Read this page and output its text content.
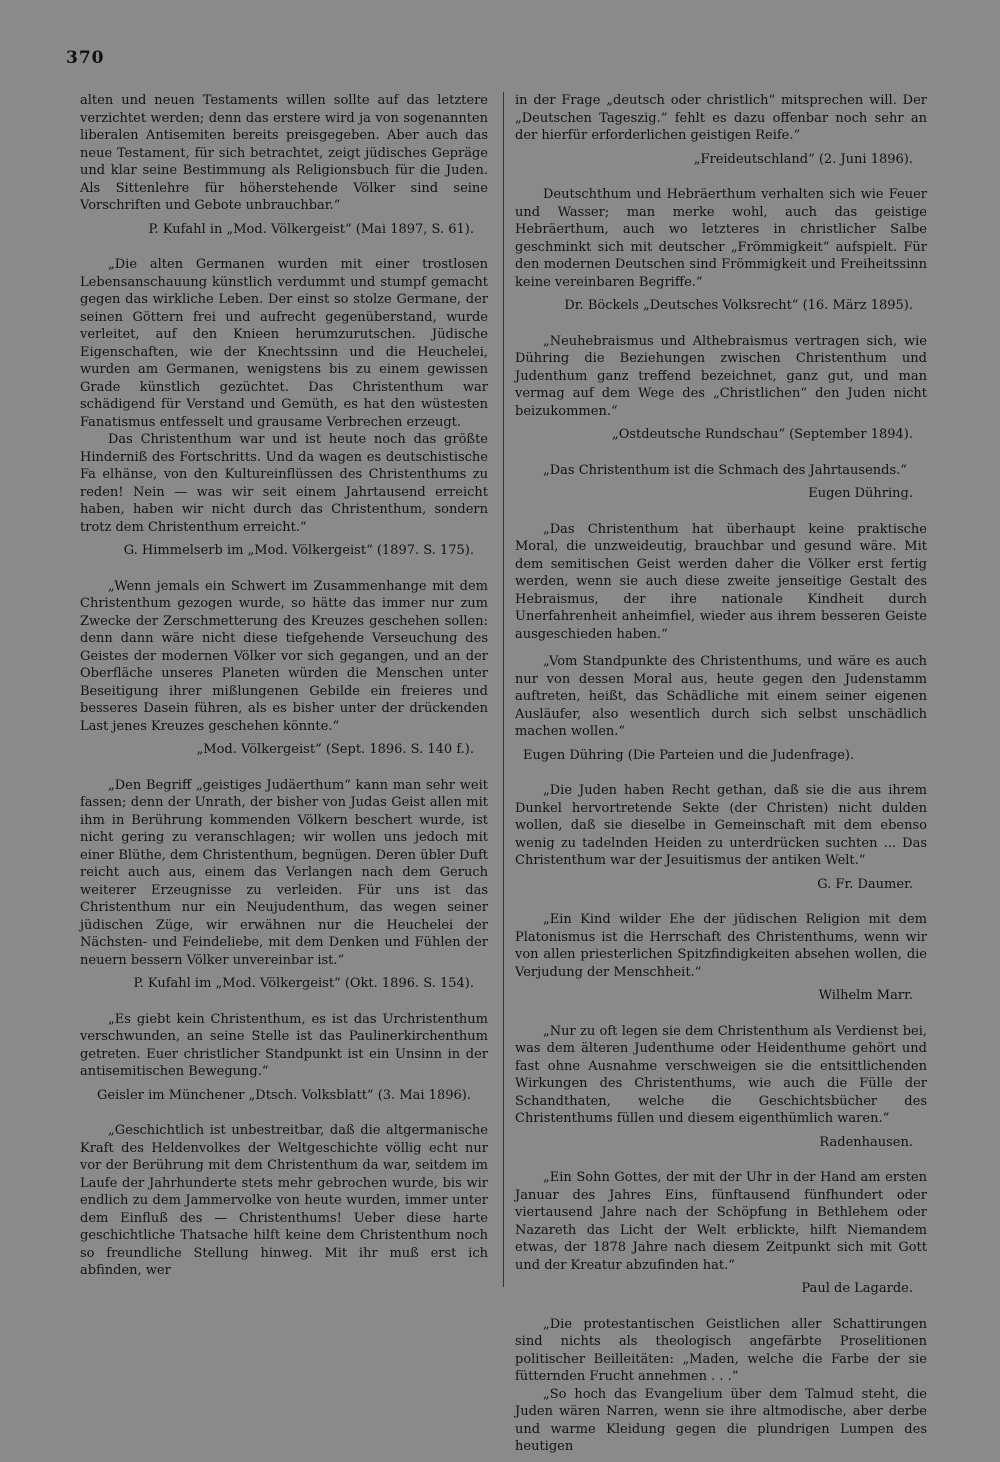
370

alten und neuen Testaments willen sollte auf das letztere verzichtet werden; denn das erstere wird ja von sogenannten liberalen Antisemiten bereits preisgegeben. Aber auch das neue Testament, für sich betrachtet, zeigt jüdisches Gepräge und klar seine Bestimmung als Religionsbuch für die Juden. Als Sittenlehre für höherstehende Völker sind seine Vorschriften und Gebote unbrauchbar.“

P. Kufahl in „Mod. Völkergeist“ (Mai 1897, S. 61).

„Die alten Germanen wurden mit einer trostlosen Lebensanschauung künstlich verdummt und stumpf gemacht gegen das wirkliche Leben. Der einst so stolze Germane, der seinen Göttern frei und aufrecht gegenüberstand, wurde verleitet, auf den Knieen herumzurutschen. Jüdische Eigenschaften, wie der Knechtssinn und die Heuchelei, wurden am Germanen, wenigstens bis zu einem gewissen Grade künstlich gezüchtet. Das Christenthum war schädigend für Verstand und Gemüth, es hat den wüstesten Fanatismus entfesselt und grausame Verbrechen erzeugt.

Das Christenthum war und ist heute noch das größte Hinderniß des Fortschritts. Und da wagen es deutschistische Fa elhänse, von den Kultureinflüssen des Christenthums zu reden! Nein — was wir seit einem Jahrtausend erreicht haben, haben wir nicht durch das Christenthum, sondern trotz dem Christenthum erreicht.“

G. Himmelserb im „Mod. Völkergeist“ (1897. S. 175).

„Wenn jemals ein Schwert im Zusammenhange mit dem Christenthum gezogen wurde, so hätte das immer nur zum Zwecke der Zerschmetterung des Kreuzes geschehen sollen: denn dann wäre nicht diese tiefgehende Verseuchung des Geistes der modernen Völker vor sich gegangen, und an der Oberfläche unseres Planeten würden die Menschen unter Beseitigung ihrer mißlungenen Gebilde ein freieres und besseres Dasein führen, als es bisher unter der drückenden Last jenes Kreuzes geschehen könnte.“

„Mod. Völkergeist“ (Sept. 1896. S. 140 f.).

„Den Begriff „geistiges Judäerthum“ kann man sehr weit fassen; denn der Unrath, der bisher von Judas Geist allen mit ihm in Berührung kommenden Völkern beschert wurde, ist nicht gering zu veranschlagen; wir wollen uns jedoch mit einer Blüthe, dem Christenthum, begnügen. Deren übler Duft reicht auch aus, einem das Verlangen nach dem Geruch weiterer Erzeugnisse zu verleiden. Für uns ist das Christenthum nur ein Neujudenthum, das wegen seiner jüdischen Züge, wir erwähnen nur die Heuchelei der Nächsten- und Feindeliebe, mit dem Denken und Fühlen der neuern bessern Völker unvereinbar ist.“

P. Kufahl im „Mod. Völkergeist“ (Okt. 1896. S. 154).

„Es giebt kein Christenthum, es ist das Urchristenthum verschwunden, an seine Stelle ist das Paulinerkirchenthum getreten. Euer christlicher Standpunkt ist ein Unsinn in der antisemitischen Bewegung.“

Geisler im Münchener „Dtsch. Volksblatt“ (3. Mai 1896).

„Geschichtlich ist unbestreitbar, daß die altgermanische Kraft des Heldenvolkes der Weltgeschichte völlig echt nur vor der Berührung mit dem Christenthum da war, seitdem im Laufe der Jahrhunderte stets mehr gebrochen wurde, bis wir endlich zu dem Jammervolke von heute wurden, immer unter dem Einfluß des — Christenthums! Ueber diese harte geschichtliche Thatsache hilft keine dem Christenthum noch so freundliche Stellung hinweg. Mit ihr muß erst ich abfinden, wer

in der Frage „deutsch oder christlich“ mitsprechen will. Der „Deutschen Tageszig.“ fehlt es dazu offenbar noch sehr an der hierfür erforderlichen geistigen Reife.“

„Freideutschland“ (2. Juni 1896).

Deutschthum und Hebräerthum verhalten sich wie Feuer und Wasser; man merke wohl, auch das geistige Hebräerthum, auch wo letzteres in christlicher Salbe geschminkt sich mit deutscher „Frömmigkeit“ aufspielt. Für den modernen Deutschen sind Frömmigkeit und Freiheitssinn keine vereinbaren Begriffe.“

Dr. Böckels „Deutsches Volksrecht“ (16. März 1895).

„Neuhebraismus und Althebraismus vertragen sich, wie Dühring die Beziehungen zwischen Christenthum und Judenthum ganz treffend bezeichnet, ganz gut, und man vermag auf dem Wege des „Christlichen“ den Juden nicht beizukommen.“

„Ostdeutsche Rundschau“ (September 1894).

„Das Christenthum ist die Schmach des Jahrtausends.“

Eugen Dühring.

„Das Christenthum hat überhaupt keine praktische Moral, die unzweideutig, brauchbar und gesund wäre. Mit dem semitischen Geist werden daher die Völker erst fertig werden, wenn sie auch diese zweite jenseitige Gestalt des Hebraismus, der ihre nationale Kindheit durch Unerfahrenheit anheimfiel, wieder aus ihrem besseren Geiste ausgeschieden haben.“

„Vom Standpunkte des Christenthums, und wäre es auch nur von dessen Moral aus, heute gegen den Judenstamm auftreten, heißt, das Schädliche mit einem seiner eigenen Ausläufer, also wesentlich durch sich selbst unschädlich machen wollen.“

Eugen Dühring (Die Parteien und die Judenfrage).

„Die Juden haben Recht gethan, daß sie die aus ihrem Dunkel hervortretende Sekte (der Christen) nicht dulden wollen, daß sie dieselbe in Gemeinschaft mit dem ebenso wenig zu tadelnden Heiden zu unterdrücken suchten ... Das Christenthum war der Jesuitismus der antiken Welt.“

G. Fr. Daumer.

„Ein Kind wilder Ehe der jüdischen Religion mit dem Platonismus ist die Herrschaft des Christenthums, wenn wir von allen priesterlichen Spitzfindigkeiten absehen wollen, die Verjudung der Menschheit.“

Wilhelm Marr.

„Nur zu oft legen sie dem Christenthum als Verdienst bei, was dem älteren Judenthume oder Heidenthume gehört und fast ohne Ausnahme verschweigen sie die entsittlichenden Wirkungen des Christenthums, wie auch die Fülle der Schandthaten, welche die Geschichtsbücher des Christenthums füllen und diesem eigenthümlich waren.“

Radenhausen.

„Ein Sohn Gottes, der mit der Uhr in der Hand am ersten Januar des Jahres Eins, fünftausend fünfhundert oder viertausend Jahre nach der Schöpfung in Bethlehem oder Nazareth das Licht der Welt erblickte, hilft Niemandem etwas, der 1878 Jahre nach diesem Zeitpunkt sich mit Gott und der Kreatur abzufinden hat.“

Paul de Lagarde.

„Die protestantischen Geistlichen aller Schattirungen sind nichts als theologisch angefärbte Proselitionen politischer Beilleitäten: „Maden, welche die Farbe der sie fütternden Frucht annehmen . . .“

„So hoch das Evangelium über dem Talmud steht, die Juden wären Narren, wenn sie ihre altmodische, aber derbe und warme Kleidung gegen die plundrigen Lumpen des heutigen
